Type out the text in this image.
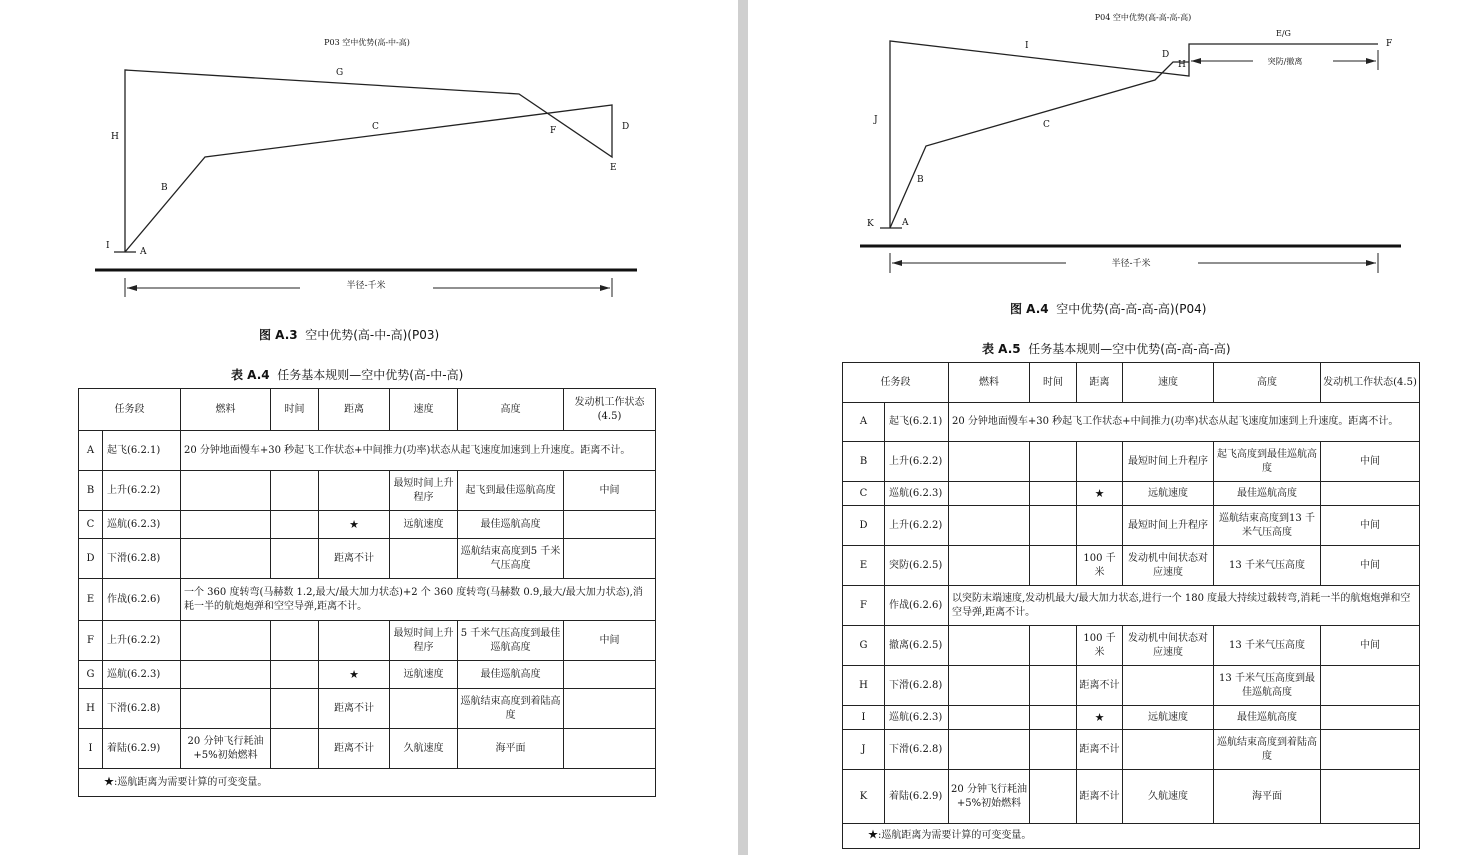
P03 空中优势(高-中-高)
半径-千米
A
B
C	D
E
F
G
H
I
图 A.3 空中优势(高-中-高)(P03)
表 A.4 任务基本规则—空中优势(高-中-高)
任务段		燃料	时间	距离	速度	高度	发动机工作状态(4.5)
A	起飞(6.2.1)	20 分钟地面慢车+30 秒起飞工作状态+中间推力(功率)状态从起飞速度加速到上升速度。距离不计。					
B	上升(6.2.2)				最短时间上升程序	起飞到最佳巡航高度	中间
C	巡航(6.2.3)			★	远航速度	最佳巡航高度	
D	下滑(6.2.8)			距离不计		巡航结束高度到5 千米气压高度	
E	作战(6.2.6)	一个 360 度转弯(马赫数 1.2,最大/最大加力状态)+2 个 360 度转弯(马赫数 0.9,最大/最大加力状态),消耗一半的航炮炮弹和空空导弹,距离不计。					
F	上升(6.2.2)				最短时间上升程序	5 千米气压高度到最佳巡航高度	中间
G	巡航(6.2.3)			★	远航速度	最佳巡航高度	
H	下滑(6.2.8)			距离不计		巡航结束高度到着陆高度	
I	着陆(6.2.9)	20 分钟飞行耗油+5%初始燃料		距离不计	久航速度	海平面	
★:巡航距离为需要计算的可变变量。							
P04 空中优势(高-高-高-高)
突防/撤离
半径-千米
A
B
C
D
E/G
F
H
I
J
K
图 A.4 空中优势(高-高-高-高)(P04)
表 A.5 任务基本规则—空中优势(高-高-高-高)
任务段		燃料	时间	距离	速度	高度	发动机工作状态(4.5)
A	起飞(6.2.1)	20 分钟地面慢车+30 秒起飞工作状态+中间推力(功率)状态从起飞速度加速到上升速度。距离不计。					
B	上升(6.2.2)				最短时间上升程序	起飞高度到最佳巡航高度	中间
C	巡航(6.2.3)			★	远航速度	最佳巡航高度	
D	上升(6.2.2)				最短时间上升程序	巡航结束高度到13 千米气压高度	中间
E	突防(6.2.5)			100 千米	发动机中间状态对应速度	13 千米气压高度	中间
F	作战(6.2.6)	以突防末端速度,发动机最大/最大加力状态,进行一个 180 度最大持续过载转弯,消耗一半的航炮炮弹和空空导弹,距离不计。					
G	撤离(6.2.5)			100 千米	发动机中间状态对应速度	13 千米气压高度	中间
H	下滑(6.2.8)			距离不计		13 千米气压高度到最佳巡航高度	
I	巡航(6.2.3)			★	远航速度	最佳巡航高度	
J	下滑(6.2.8)			距离不计		巡航结束高度到着陆高度	
K	着陆(6.2.9)	20 分钟飞行耗油+5%初始燃料		距离不计	久航速度	海平面	
★:巡航距离为需要计算的可变变量。							
